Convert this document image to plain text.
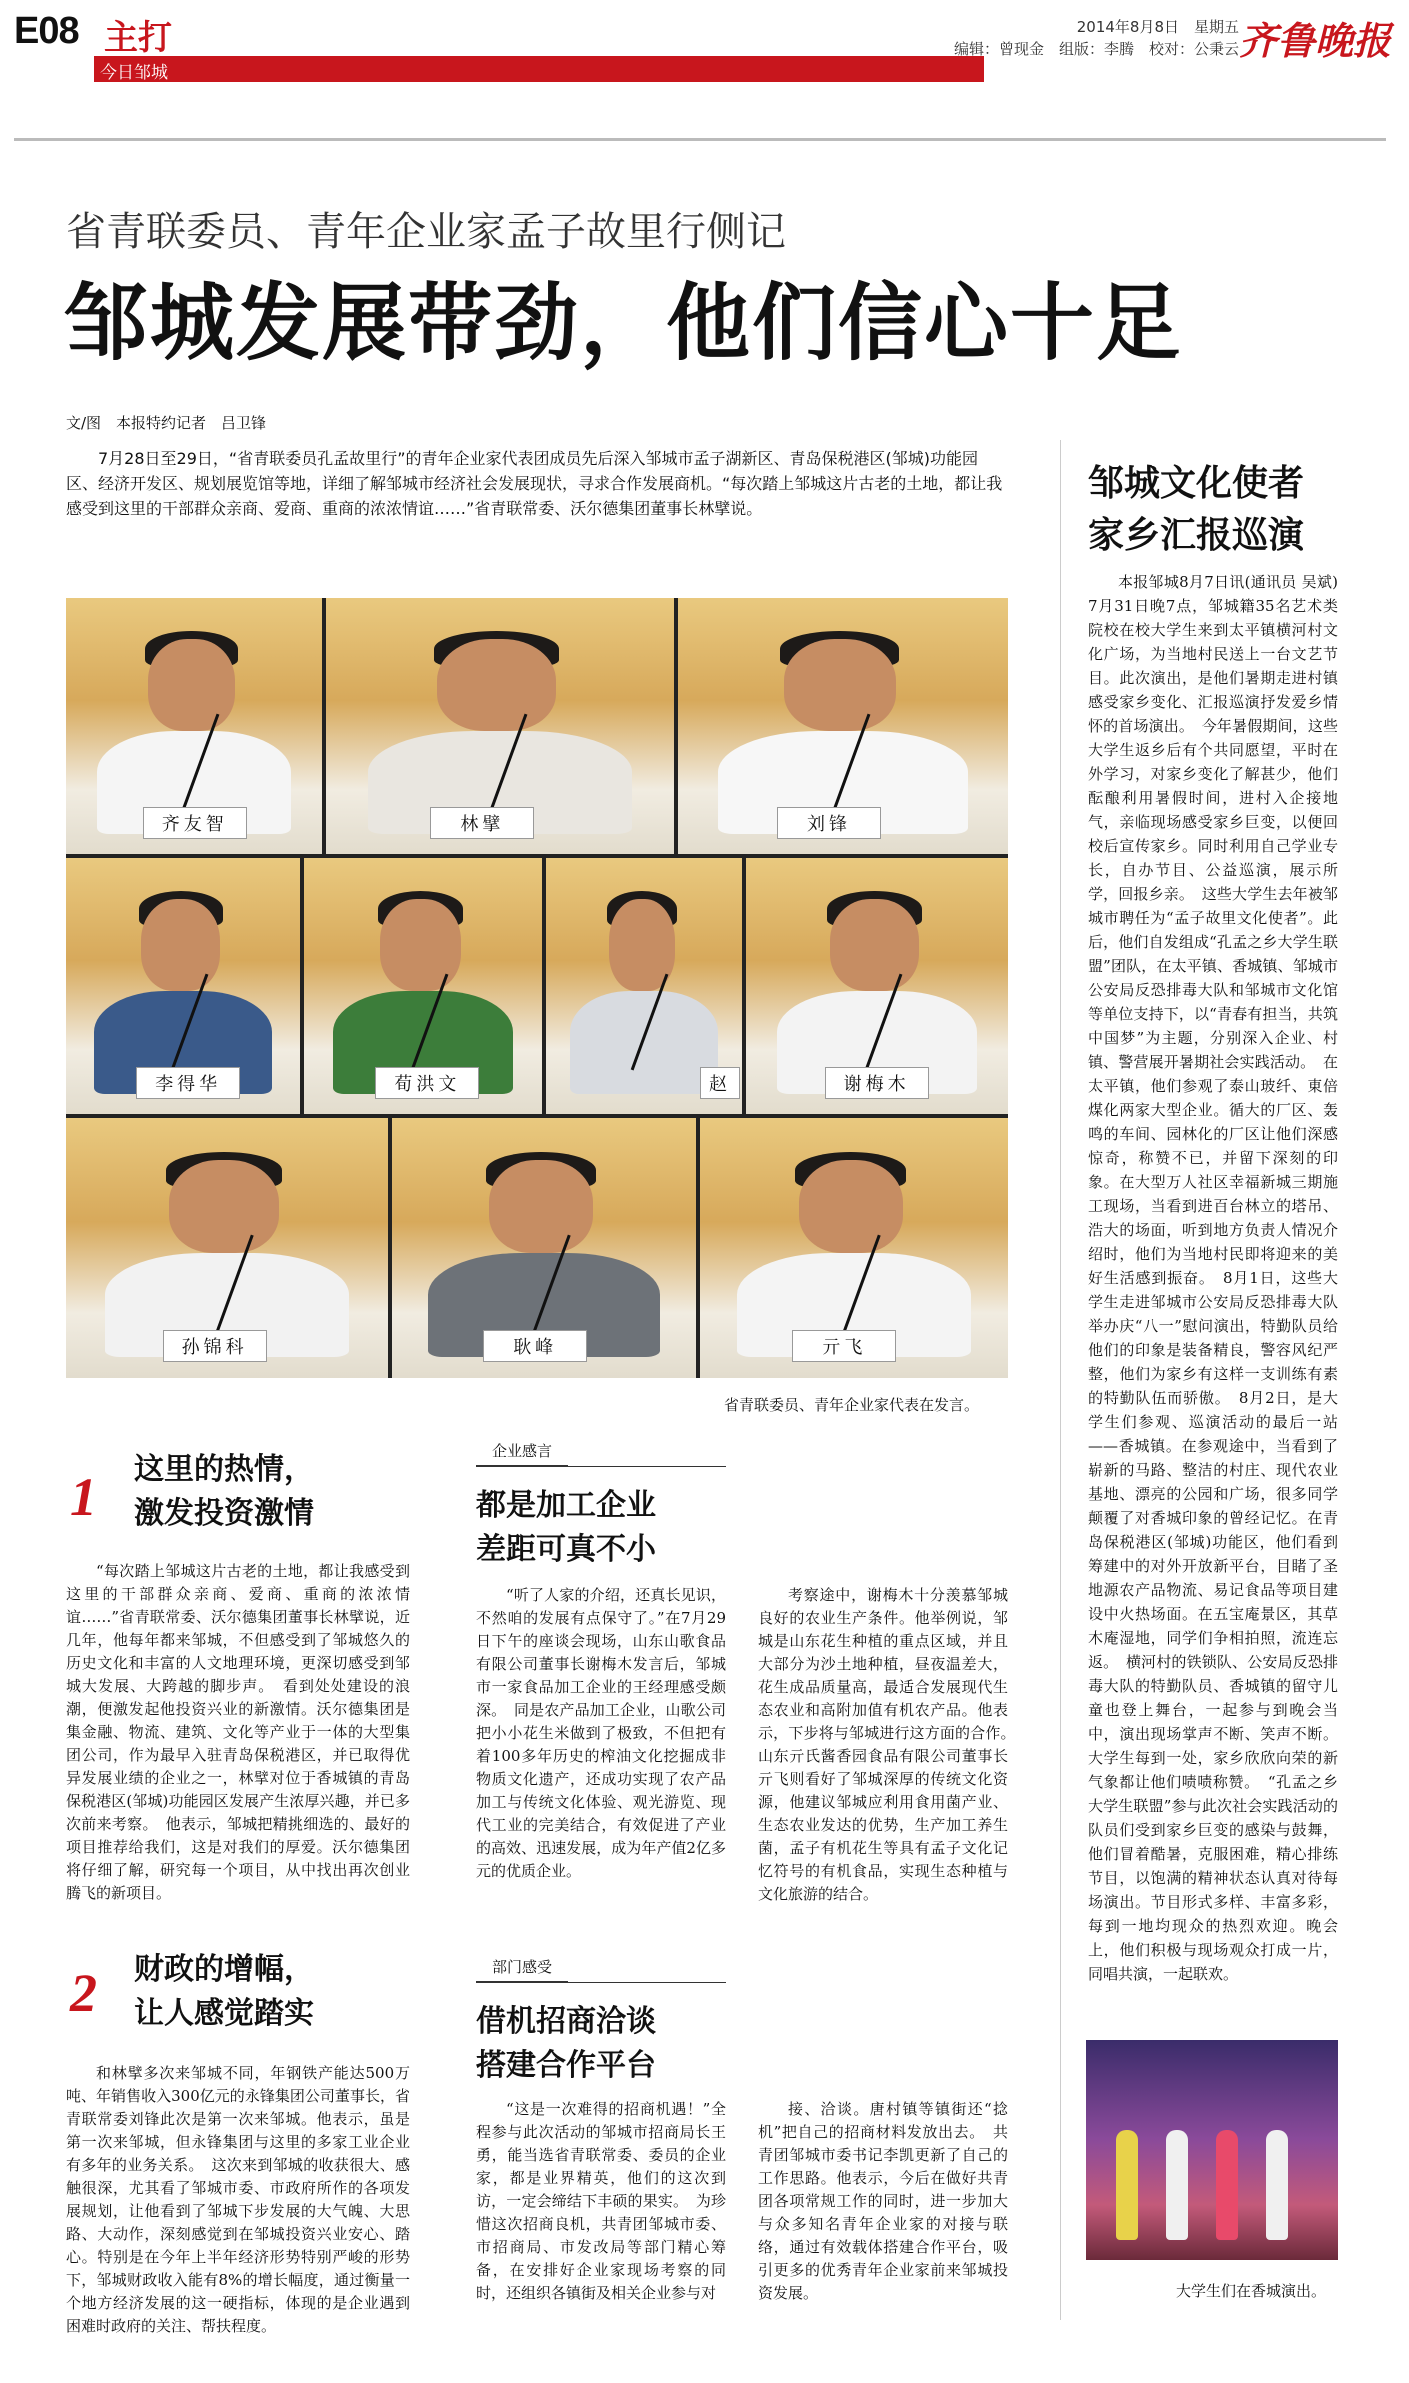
E08 主打
今日邹城
2014年8月8日　星期五
编辑：曾现金　组版：李腾　校对：公秉云 齐鲁晚报
省青联委员、青年企业家孟子故里行侧记
邹城发展带劲，他们信心十足
文/图　本报特约记者　吕卫锋
7月28日至29日，“省青联委员孔孟故里行”的青年企业家代表团成员先后深入邹城市孟子湖新区、青岛保税港区(邹城)功能园区、经济开发区、规划展览馆等地，详细了解邹城市经济社会发展现状，寻求合作发展商机。“每次踏上邹城这片古老的土地，都让我感受到这里的干部群众亲商、爱商、重商的浓浓情谊……”省青联常委、沃尔德集团董事长林擘说。
齐友智	林擘	刘锋
李得华	荀洪文	赵	谢梅木
孙锦科	耿峰	亓飞
省青联委员、青年企业家代表在发言。
1 这里的热情，
激发投资激情
“每次踏上邹城这片古老的土地，都让我感受到这里的干部群众亲商、爱商、重商的浓浓情谊……”省青联常委、沃尔德集团董事长林擘说，近几年，他每年都来邹城，不但感受到了邹城悠久的历史文化和丰富的人文地理环境，更深切感受到邹城大发展、大跨越的脚步声。　看到处处建设的浪潮，便激发起他投资兴业的新激情。沃尔德集团是集金融、物流、建筑、文化等产业于一体的大型集团公司，作为最早入驻青岛保税港区，并已取得优异发展业绩的企业之一，林擘对位于香城镇的青岛保税港区(邹城)功能园区发展产生浓厚兴趣，并已多次前来考察。　他表示，邹城把精挑细选的、最好的项目推荐给我们，这是对我们的厚爱。沃尔德集团将仔细了解，研究每一个项目，从中找出再次创业腾飞的新项目。
2 财政的增幅，
让人感觉踏实
和林擘多次来邹城不同，年钢铁产能达500万吨、年销售收入300亿元的永锋集团公司董事长，省青联常委刘锋此次是第一次来邹城。他表示，虽是第一次来邹城，但永锋集团与这里的多家工业企业有多年的业务关系。　这次来到邹城的收获很大、感触很深，尤其看了邹城市委、市政府所作的各项发展规划，让他看到了邹城下步发展的大气魄、大思路、大动作，深刻感觉到在邹城投资兴业安心、踏心。特别是在今年上半年经济形势特别严峻的形势下，邹城财政收入能有8%的增长幅度，通过衡量一个地方经济发展的这一硬指标，体现的是企业遇到困难时政府的关注、帮扶程度。
企业感言
都是加工企业
差距可真不小
“听了人家的介绍，还真长见识，不然咱的发展有点保守了。”在7月29日下午的座谈会现场，山东山歌食品有限公司董事长谢梅木发言后，邹城市一家食品加工企业的王经理感受颇深。　同是农产品加工企业，山歌公司把小小花生米做到了极致，不但把有着100多年历史的榨油文化挖掘成非物质文化遗产，还成功实现了农产品加工与传统文化体验、观光游览、现代工业的完美结合，有效促进了产业的高效、迅速发展，成为年产值2亿多元的优质企业。
考察途中，谢梅木十分羡慕邹城良好的农业生产条件。他举例说，邹城是山东花生种植的重点区域，并且大部分为沙土地种植，昼夜温差大，花生成品质量高，最适合发展现代生态农业和高附加值有机农产品。他表示，下步将与邹城进行这方面的合作。　山东亓氏酱香园食品有限公司董事长亓飞则看好了邹城深厚的传统文化资源，他建议邹城应利用食用菌产业、生态农业发达的优势，生产加工养生菌，孟子有机花生等具有孟子文化记忆符号的有机食品，实现生态种植与文化旅游的结合。
部门感受
借机招商洽谈
搭建合作平台
“这是一次难得的招商机遇！”全程参与此次活动的邹城市招商局长王勇，能当选省青联常委、委员的企业家，都是业界精英，他们的这次到访，一定会缔结下丰硕的果实。　为珍惜这次招商良机，共青团邹城市委、市招商局、市发改局等部门精心筹备，在安排好企业家现场考察的同时，还组织各镇街及相关企业参与对
接、洽谈。唐村镇等镇街还“捻机”把自己的招商材料发放出去。　共青团邹城市委书记李凯更新了自己的工作思路。他表示，今后在做好共青团各项常规工作的同时，进一步加大与众多知名青年企业家的对接与联络，通过有效载体搭建合作平台，吸引更多的优秀青年企业家前来邹城投资发展。
邹城文化使者
家乡汇报巡演
本报邹城8月7日讯(通讯员 吴斌)　7月31日晚7点，邹城籍35名艺术类院校在校大学生来到太平镇横河村文化广场，为当地村民送上一台文艺节目。此次演出，是他们暑期走进村镇感受家乡变化、汇报巡演抒发爱乡情怀的首场演出。　今年暑假期间，这些大学生返乡后有个共同愿望，平时在外学习，对家乡变化了解甚少，他们酝酿利用暑假时间，进村入企接地气，亲临现场感受家乡巨变，以便回校后宣传家乡。同时利用自己学业专长，自办节目、公益巡演，展示所学，回报乡亲。　这些大学生去年被邹城市聘任为“孟子故里文化使者”。此后，他们自发组成“孔孟之乡大学生联盟”团队，在太平镇、香城镇、邹城市公安局反恐排毒大队和邹城市文化馆等单位支持下，以“青春有担当，共筑中国梦”为主题，分别深入企业、村镇、警营展开暑期社会实践活动。　在太平镇，他们参观了泰山玻纤、東倍煤化两家大型企业。循大的厂区、轰鸣的车间、园林化的厂区让他们深感惊奇，称赞不已，并留下深刻的印象。在大型万人社区幸福新城三期施工现场，当看到进百台林立的塔吊、浩大的场面，听到地方负责人情况介绍时，他们为当地村民即将迎来的美好生活感到振奋。　8月1日，这些大学生走进邹城市公安局反恐排毒大队举办庆“八一”慰问演出，特勤队员给他们的印象是装备精良，警容风纪严整，他们为家乡有这样一支训练有素的特勤队伍而骄傲。　8月2日，是大学生们参观、巡演活动的最后一站——香城镇。在参观途中，当看到了崭新的马路、整洁的村庄、现代农业基地、漂亮的公园和广场，很多同学颠覆了对香城印象的曾经记忆。在青岛保税港区(邹城)功能区，他们看到筹建中的对外开放新平台，目睹了圣地源农产品物流、易记食品等项目建设中火热场面。在五宝庵景区，其草木庵湿地，同学们争相拍照，流连忘返。　横河村的铁锁队、公安局反恐排毒大队的特勤队员、香城镇的留守儿童也登上舞台，一起参与到晚会当中，演出现场掌声不断、笑声不断。大学生每到一处，家乡欣欣向荣的新气象都让他们啧啧称赞。　“孔孟之乡大学生联盟”参与此次社会实践活动的队员们受到家乡巨变的感染与鼓舞，他们冒着酷暑，克服困难，精心排练节目，以饱满的精神状态认真对待每场演出。节目形式多样、丰富多彩，每到一地均现众的热烈欢迎。晚会上，他们积极与现场观众打成一片，同唱共演，一起联欢。
大学生们在香城演出。
